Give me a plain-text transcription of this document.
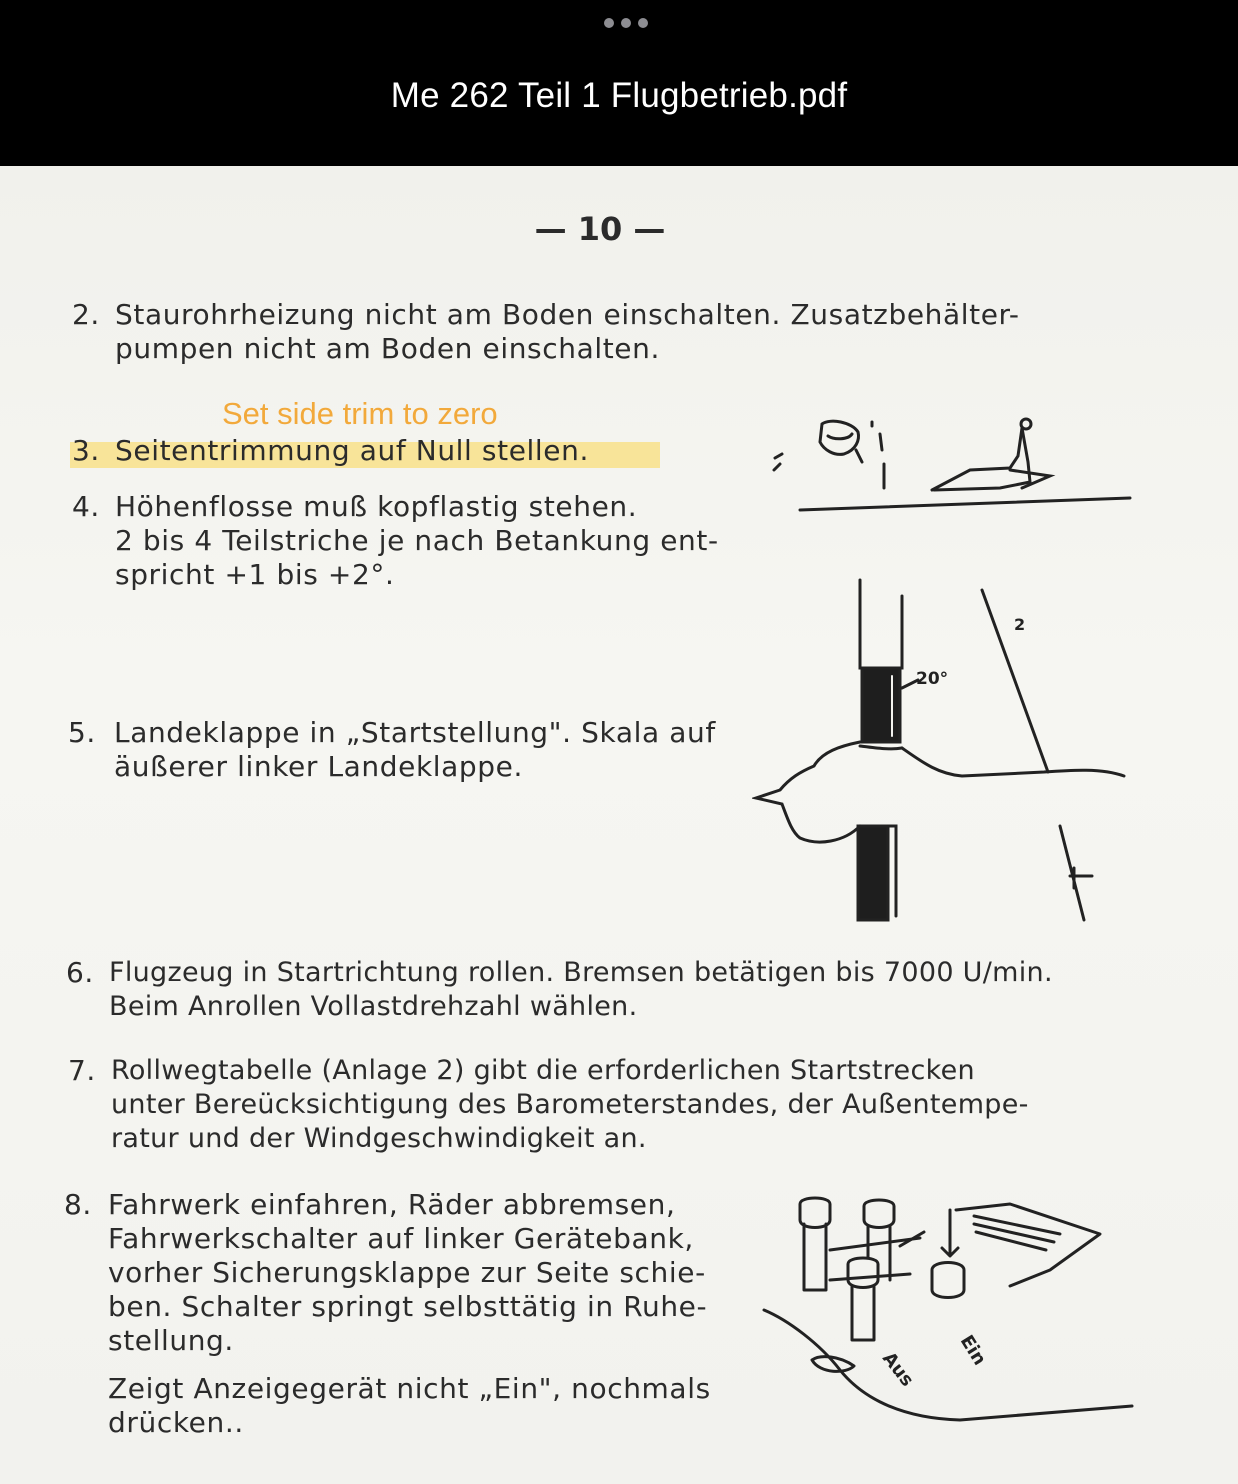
Me 262 Teil 1 Flugbetrieb.pdf
— 10 —
Set side trim to zero
2. Staurohrheizung nicht am Boden einschalten. Zusatzbehälter-
pumpen nicht am Boden einschalten.
3. Seitentrimmung auf Null stellen.
4. Höhenflosse muß kopflastig stehen.
2 bis 4 Teilstriche je nach Betankung ent-
spricht +1 bis +2°.
5. Landeklappe in „Startstellung". Skala auf
äußerer linker Landeklappe.
6. Flugzeug in Startrichtung rollen. Bremsen betätigen bis 7000 U/min.
Beim Anrollen Vollastdrehzahl wählen.
7. Rollwegtabelle (Anlage 2) gibt die erforderlichen Startstrecken
unter Bereücksichtigung des Barometerstandes, der Außentempe-
ratur und der Windgeschwindigkeit an.
8. Fahrwerk einfahren, Räder abbremsen,
Fahrwerkschalter auf linker Gerätebank,
vorher Sicherungsklappe zur Seite schie-
ben. Schalter springt selbsttätig in Ruhe-
stellung.
Zeigt Anzeigegerät nicht „Ein", nochmals
drücken..
20°
2
Ein
Aus
